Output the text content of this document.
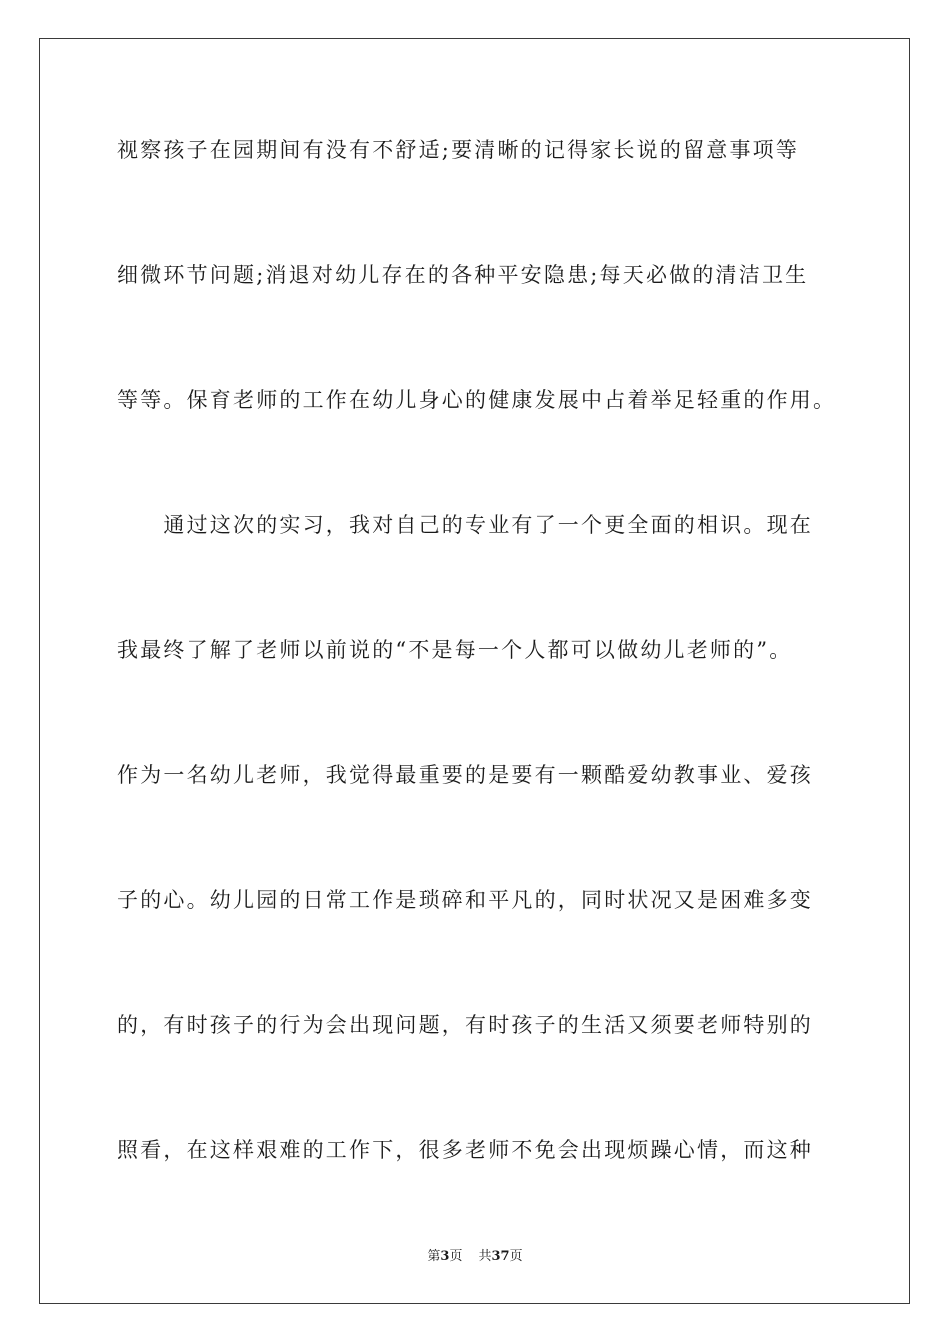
视察孩子在园期间有没有不舒适;要清晰的记得家长说的留意事项等
细微环节问题;消退对幼儿存在的各种平安隐患;每天必做的清洁卫生
等等。保育老师的工作在幼儿身心的健康发展中占着举足轻重的作用。
　　通过这次的实习，我对自己的专业有了一个更全面的相识。现在
我最终了解了老师以前说的“不是每一个人都可以做幼儿老师的”。
作为一名幼儿老师，我觉得最重要的是要有一颗酷爱幼教事业、爱孩
子的心。幼儿园的日常工作是琐碎和平凡的，同时状况又是困难多变
的，有时孩子的行为会出现问题，有时孩子的生活又须要老师特别的
照看，在这样艰难的工作下，很多老师不免会出现烦躁心情，而这种
第3页 共37页
